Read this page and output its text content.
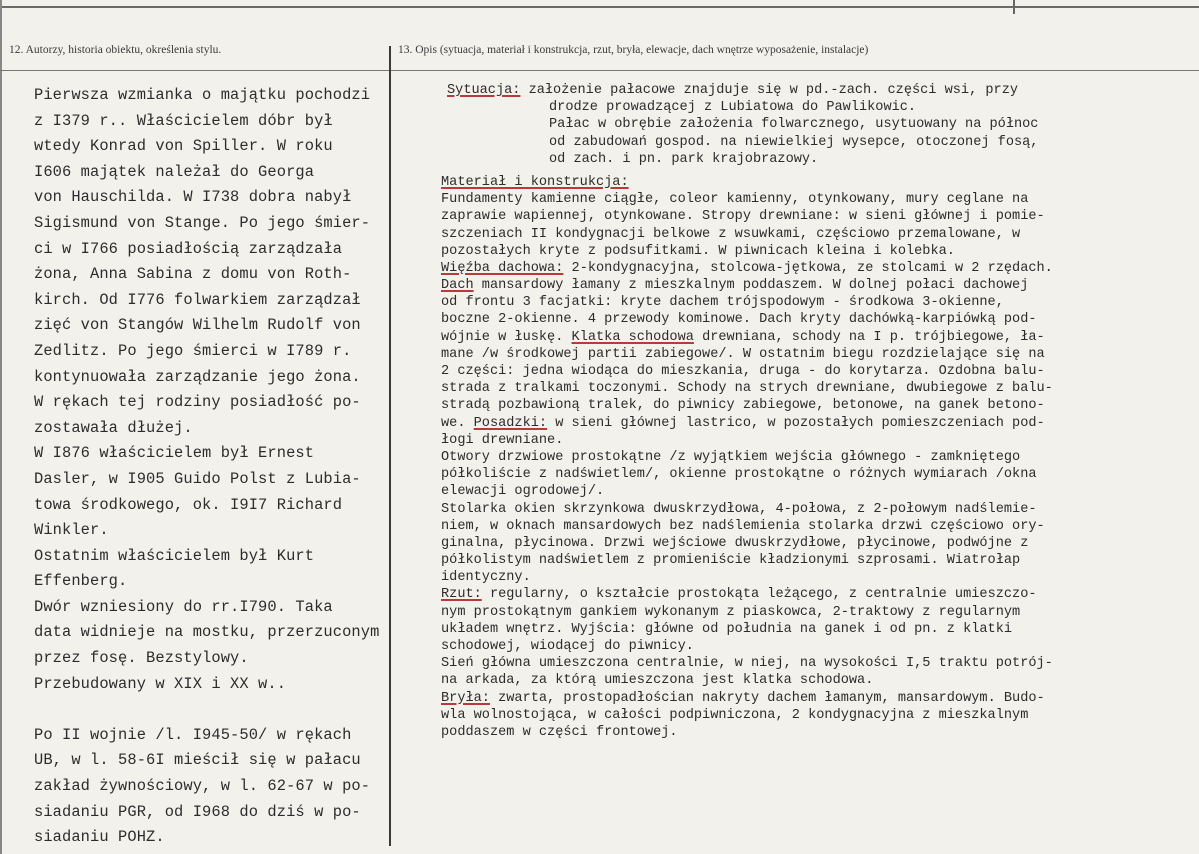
12. Autorzy, historia obiektu, określenia stylu.	13. Opis (sytuacja, materiał i konstrukcja, rzut, bryła, elewacje, dach wnętrze wyposażenie, instalacje)
Pierwsza wzmianka o majątku pochodzi
z I379 r.. Właścicielem dóbr był
wtedy Konrad von Spiller. W roku
I606 majątek należał do Georga
von Hauschildа. W I738 dobra nabył
Sigismund von Stange. Po jego śmier-
ci w I766 posiadłością zarządzała
żona, Anna Sabina z domu von Roth-
kirch. Od I776 folwarkiem zarządzał
zięć von Stangów Wilhelm Rudolf von
Zedlitz. Po jego śmierci w I789 r.
kontynuowała zarządzanie jego żona.
W rękach tej rodziny posiadłość po-
zostawała dłużej.
W I876 właścicielem był Ernest
Dasler, w I905 Guido Polst z Lubia-
towa środkowego, ok. I9I7 Richard
Winkler.
Ostatnim właścicielem był Kurt
Effenberg.
Dwór wzniesiony do rr.I790. Taka
data widnieje na mostku, przerzuconym
przez fosę. Bezstylowy.
Przebudowany w XIX i XX w..
Po II wojnie /l. I945-50/ w rękach
UB, w l. 58-6I mieścił się w pałacu
zakład żywnościowy, w l. 62-67 w po-
siadaniu PGR, od I968 do dziś w po-
siadaniu POHZ.
Sytuacja: założenie pałacowe znajduje się w pd.-zach. części wsi, przy
drodze prowadzącej z Lubiatowa do Pawlikowic.
Pałac w obrębie założenia folwarcznego, usytuowany na północ
od zabudowań gospod. na niewielkiej wysepce, otoczonej fosą,
od zach. i pn. park krajobrazowy.
Materiał i konstrukcja:
Fundamenty kamienne ciągłe, coleor kamienny, otynkowany, mury ceglane na
zaprawie wapiennej, otynkowane. Stropy drewniane: w sieni głównej i pomie-
szczeniach II kondygnacji belkowe z wsuwkami, częściowo przemalowane, w
pozostałych kryte z podsufitkami. W piwnicach kleina i kolebka.
Więźba dachowa: 2-kondygnacyjna, stolcowa-jętkowa, ze stolcami w 2 rzędach.
Dach mansardowy łamany z mieszkalnym poddaszem. W dolnej połaci dachowej
od frontu 3 facjatki: kryte dachem trójspodowym - środkowa 3-okienne,
boczne 2-okienne. 4 przewody kominowe. Dach kryty dachówką-karpiówką pod-
wójnie w łuskę. Klatka schodowa drewniana, schody na I p. trójbiegowe, ła-
mane /w środkowej partii zabiegowe/. W ostatnim biegu rozdzielające się na
2 części: jedna wiodąca do mieszkania, druga - do korytarza. Ozdobna balu-
strada z tralkami toczonymi. Schody na strych drewniane, dwubiegowe z balu-
stradą pozbawioną tralek, do piwnicy zabiegowe, betonowe, na ganek betono-
we. Posadzki: w sieni głównej lastrico, w pozostałych pomieszczeniach pod-
łogi drewniane.
Otwory drzwiowe prostokątne /z wyjątkiem wejścia głównego - zamkniętego
półkoliście z nadświetlem/, okienne prostokątne o różnych wymiarach /okna
elewacji ogrodowej/.
Stolarka okien skrzynkowa dwuskrzydłowa, 4-połowa, z 2-połowym nadślemie-
niem, w oknach mansardowych bez nadślemienia stolarka drzwi częściowo ory-
ginalna, płycinowa. Drzwi wejściowe dwuskrzydłowe, płycinowe, podwójne z
półkolistym nadświetlem z promieniście kładzionymi szprosami. Wiatrołap
identyczny.
Rzut: regularny, o kształcie prostokąta leżącego, z centralnie umieszczo-
nym prostokątnym gankiem wykonanym z piaskowca, 2-traktowy z regularnym
układem wnętrz. Wyjścia: główne od południa na ganek i od pn. z klatki
schodowej, wiodącej do piwnicy.
Sień główna umieszczona centralnie, w niej, na wysokości I,5 traktu potrój-
na arkada, za którą umieszczona jest klatka schodowa.
Bryła: zwarta, prostopadłościan nakryty dachem łamanym, mansardowym. Budo-
wla wolnostojąca, w całości podpiwniczona, 2 kondygnacyjna z mieszkalnym
poddaszem w części frontowej.
